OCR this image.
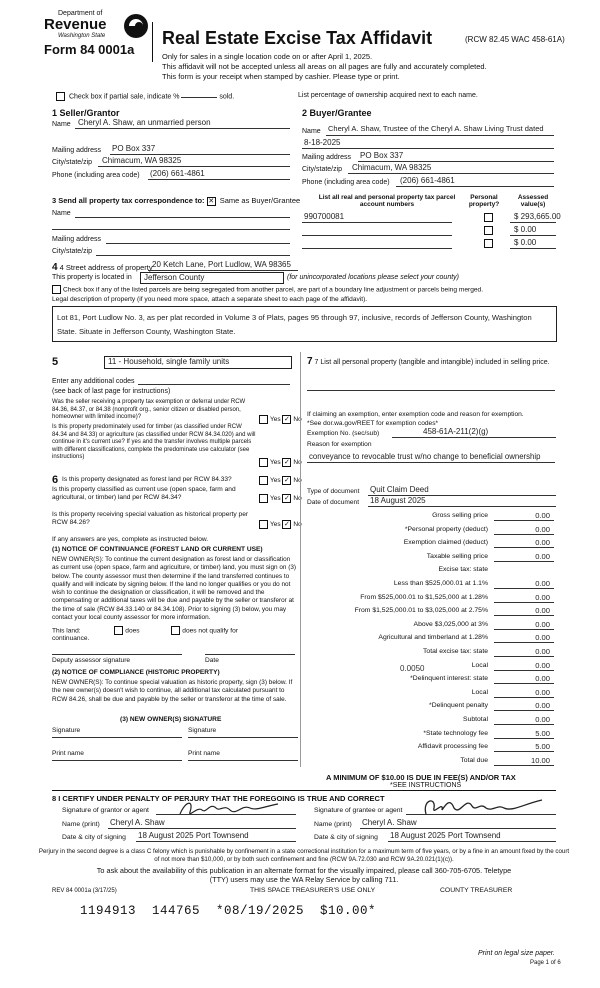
Department of
Revenue
Washington State
Form 84 0001a
Real Estate Excise Tax Affidavit	(RCW 82.45 WAC 458-61A)
Only for sales in a single location code on or after April 1, 2025.
This affidavit will not be accepted unless all areas on all pages are fully and accurately completed.
This form is your receipt when stamped by cashier. Please type or print.
Check box if partial sale, indicate %	sold.	List percentage of ownership acquired next to each name.
1 Seller/Grantor
Name Cheryl A. Shaw, an unmarried person
Mailing address PO Box 337
City/state/zip Chimacum, WA 98325
Phone (including area code) (206) 661-4861
2 Buyer/Grantee
Name Cheryl A. Shaw, Trustee of the Cheryl A. Shaw Living Trust dated
8-18-2025
Mailing address PO Box 337
City/state/zip Chimacum, WA 98325
Phone (including area code) (206) 661-4861
3 Send all property tax correspondence to: ✕ Same as Buyer/Grantee
Name
Mailing address
City/state/zip
List all real and personal property tax parcel account numbers
Personal property?
Assessed value(s)
990700081	$ 293,665.00
$ 0.00
$ 0.00
4 4 Street address of property 20 Ketch Lane, Port Ludlow, WA 98365
This property is located in Jefferson County	(for unincorporated locations please select your county)
Check box if any of the listed parcels are being segregated from another parcel, are part of a boundary line adjustment or parcels being merged.
Legal description of property (if you need more space, attach a separate sheet to each page of the affidavit).
Lot 81, Port Ludlow No. 3, as per plat recorded in Volume 3 of Plats, pages 95 through 97, inclusive, records of Jefferson County, Washington State. Situate in Jefferson County, Washington State.
5	11 - Household, single family units
Enter any additional codes
(see back of last page for instructions)
Was the seller receiving a property tax exemption or deferral under RCW 84.36, 84.37, or 84.38 (nonprofit org., senior citizen or disabled person, homeowner with limited income)?	Yes ✓ No
Is this property predominately used for timber (as classified under RCW 84.34 and 84.33) or agriculture (as classified under RCW 84.34.020) and will continue in it's current use? If yes and the transfer involves multiple parcels with different classifications, complete the predominate use calculator (see instructions)
Yes ✓ No
6 Is this property designated as forest land per RCW 84.33?	Yes ✓ No
Is this property classified as current use (open space, farm and agricultural, or timber) land per RCW 84.34?	Yes ✓ No
Is this property receiving special valuation as historical property per RCW 84.26?	Yes ✓ No
If any answers are yes, complete as instructed below.
(1) NOTICE OF CONTINUANCE (FOREST LAND OR CURRENT USE)
NEW OWNER(S): To continue the current designation as forest land or classification as current use (open space, farm and agriculture, or timber) land, you must sign on (3) below. The county assessor must then determine if the land transferred continues to qualify and will indicate by signing below. If the land no longer qualifies or you do not wish to continue the designation or classification, it will be removed and the compensating or additional taxes will be due and payable by the seller or transferor at the time of sale (RCW 84.33.140 or 84.34.108). Prior to signing (3) below, you may contact your local county assessor for more information.
This land:	does	does not qualify for
continuance.
Deputy assessor signature	Date
(2) NOTICE OF COMPLIANCE (HISTORIC PROPERTY)
NEW OWNER(S): To continue special valuation as historic property, sign (3) below. If the new owner(s) doesn't wish to continue, all additional tax calculated pursuant to RCW 84.26, shall be due and payable by the seller or transferor at the time of sale.
(3) NEW OWNER(S) SIGNATURE
Signature	Signature
Print name	Print name
7 7 List all personal property (tangible and intangible) included in selling price.
If claiming an exemption, enter exemption code and reason for exemption. *See dor.wa.gov/REET for exemption codes*
Exemption No. (sec/sub)	458-61A-211(2)(g)
Reason for exemption
conveyance to revocable trust w/no change to beneficial ownership
Type of document Quit Claim Deed
Date of document 18 August 2025
Gross selling price	0.00
*Personal property (deduct)	0.00
Exemption claimed (deduct)	0.00
Taxable selling price	0.00
Excise tax: state
Less than $525,000.01 at 1.1%	0.00
From $525,000.01 to $1,525,000 at 1.28%	0.00
From $1,525,000.01 to $3,025,000 at 2.75%	0.00
Above $3,025,000 at 3%	0.00
Agricultural and timberland at 1.28%	0.00
Total excise tax: state	0.00
Local	0.00
*Delinquent interest: state	0.00
Local	0.00
*Delinquent penalty	0.00
Subtotal	0.00
*State technology fee	5.00
Affidavit processing fee	5.00
Total due	10.00
0.0050
A MINIMUM OF $10.00 IS DUE IN FEE(S) AND/OR TAX
*SEE INSTRUCTIONS
8 I CERTIFY UNDER PENALTY OF PERJURY THAT THE FOREGOING IS TRUE AND CORRECT
Signature of grantor or agent	Signature of grantee or agent
Name (print) Cheryl A. Shaw	Name (print) Cheryl A. Shaw
Date & city of signing 18 August 2025 Port Townsend	Date & city of signing 18 August 2025 Port Townsend
Perjury in the second degree is a class C felony which is punishable by confinement in a state correctional institution for a maximum term of five years, or by a fine in an amount fixed by the court of not more than $10,000, or by both such confinement and fine (RCW 9A.72.030 and RCW 9A.20.021(1)(c)).
To ask about the availability of this publication in an alternate format for the visually impaired, please call 360-705-6705. Teletype
(TTY) users may use the WA Relay Service by calling 711.
REV 84 0001a (3/17/25)	THIS SPACE TREASURER'S USE ONLY	COUNTY TREASURER
1194913  144765  *08/19/2025  $10.00*
Print on legal size paper.
Page 1 of 6
